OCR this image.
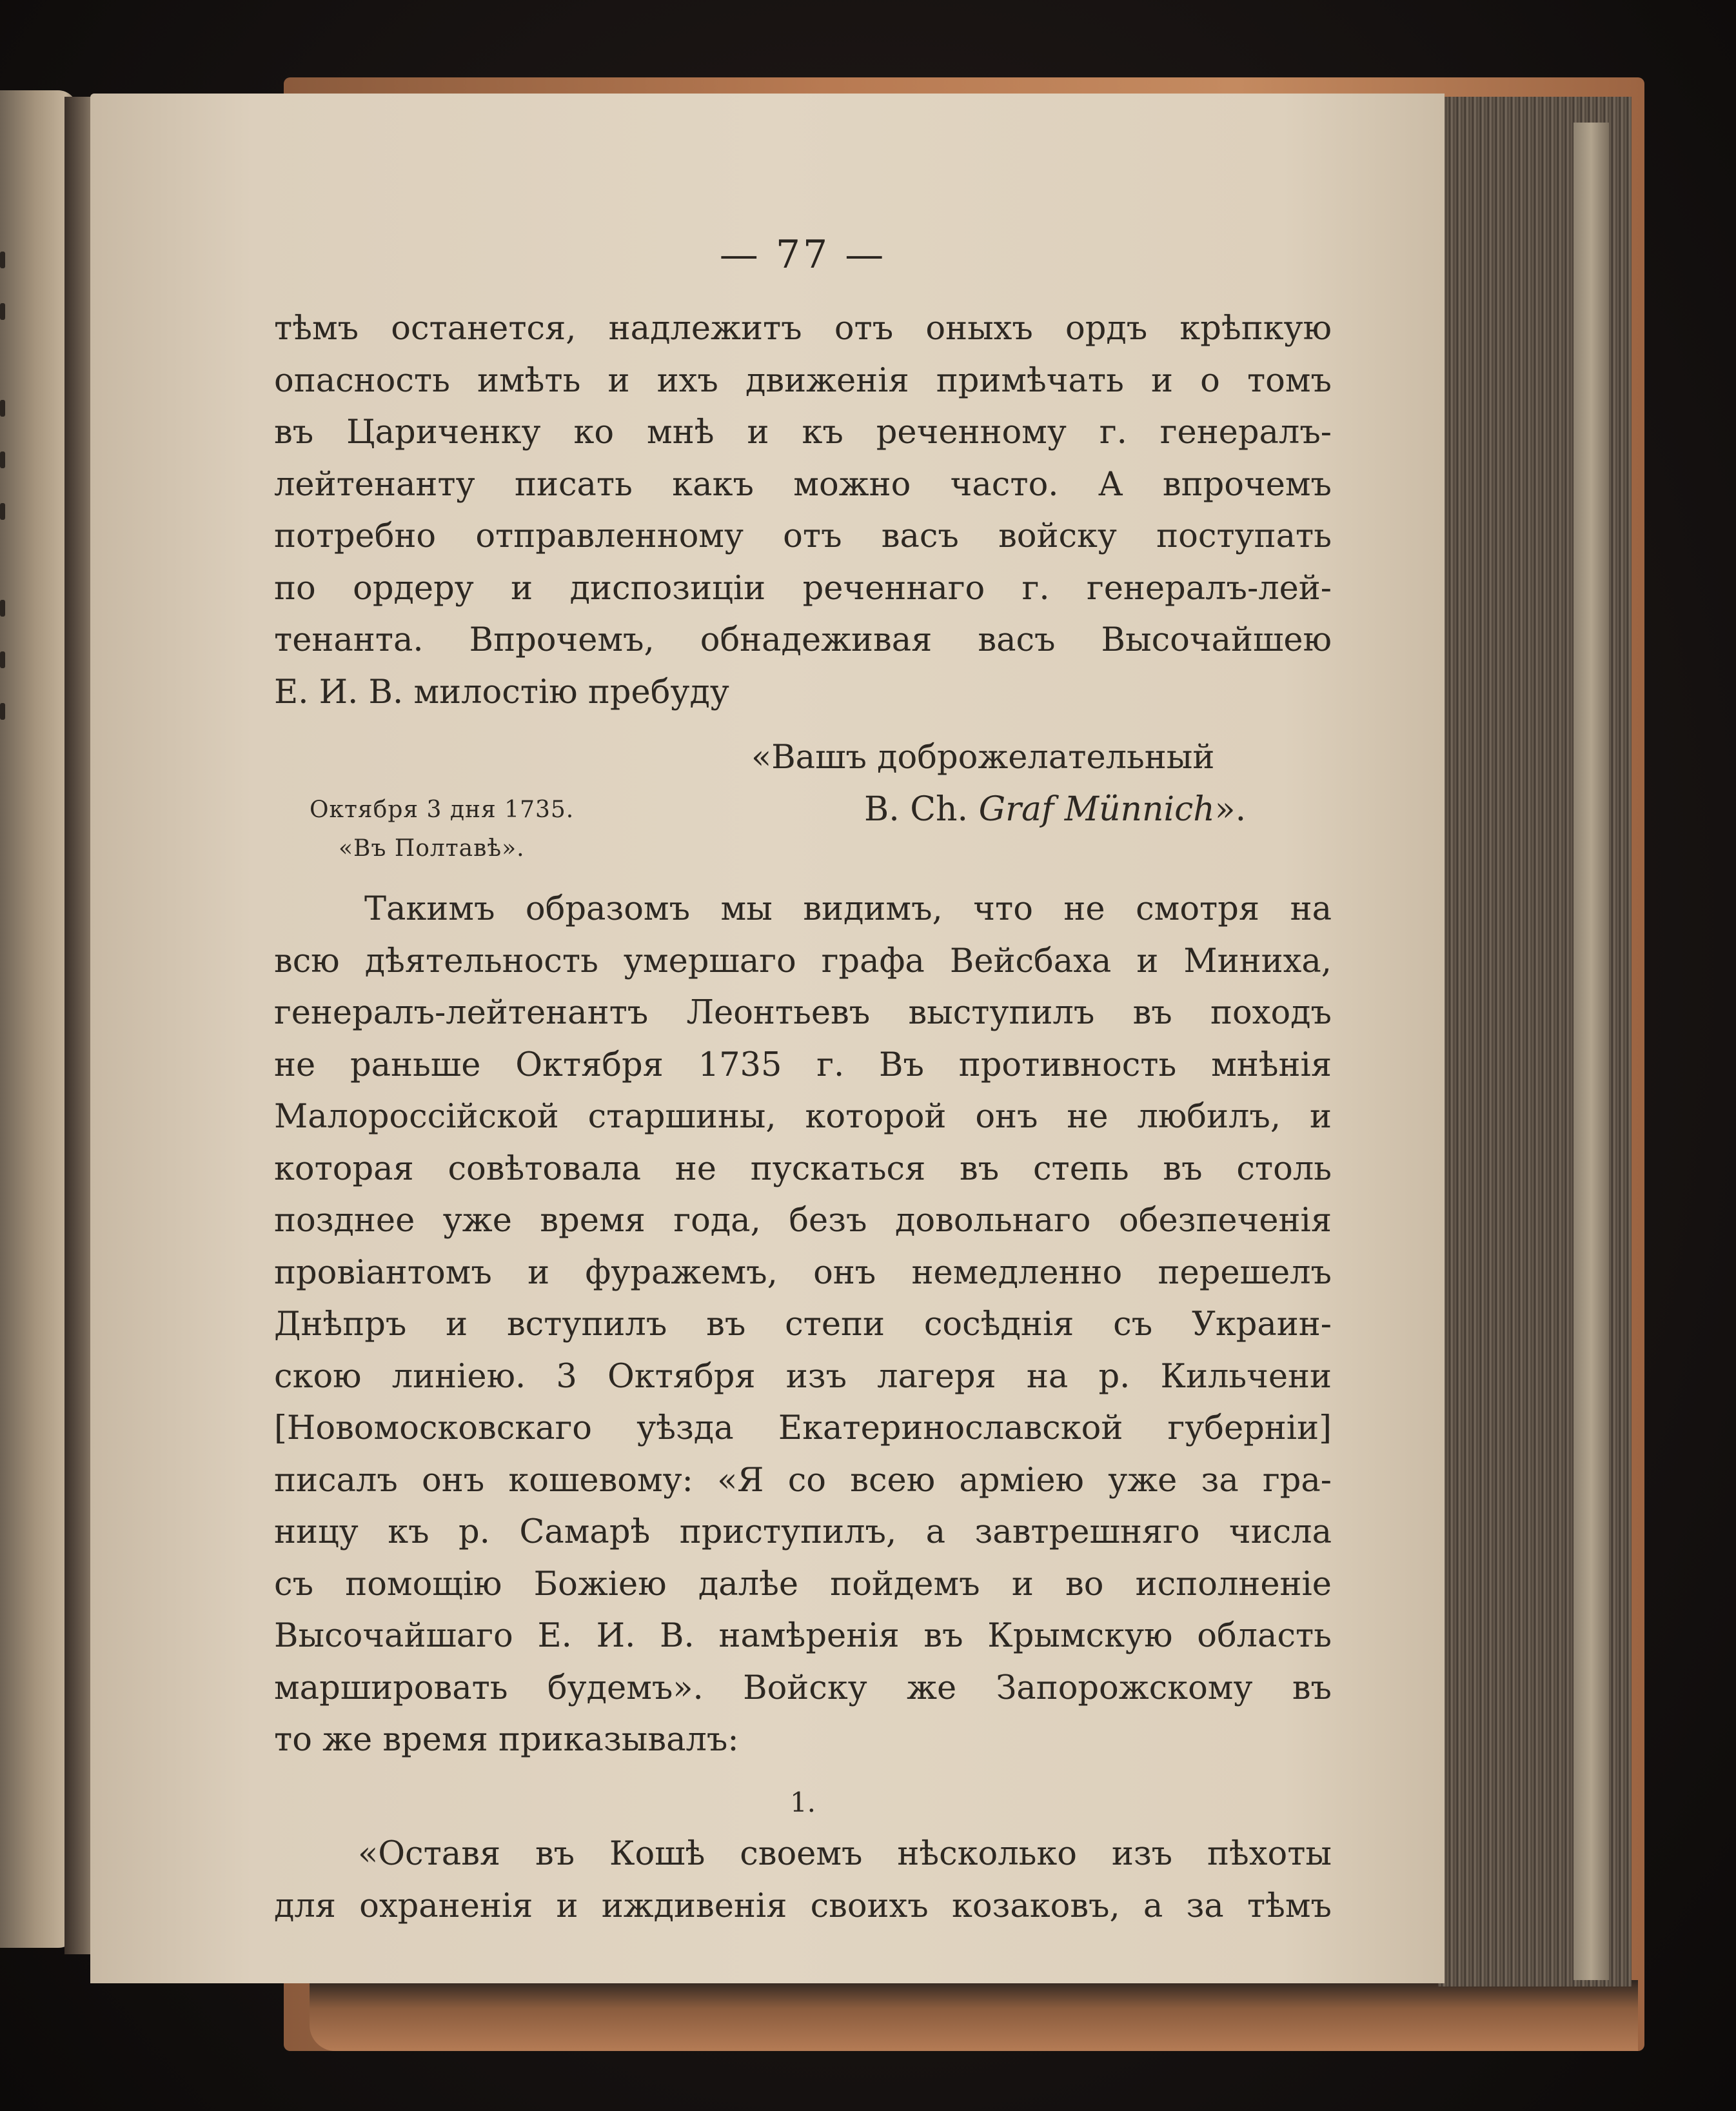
— 77 —
тѣмъ останется, надлежитъ отъ оныхъ ордъ крѣпкую
опасность имѣть и ихъ движенія примѣчать и о томъ
въ Цариченку ко мнѣ и къ реченному г. генералъ-
лейтенанту писать какъ можно часто. А впрочемъ
потребно отправленному отъ васъ войску поступать
по ордеру и диспозиціи реченнаго г. генералъ-лей-
тенанта. Впрочемъ, обнадеживая васъ Высочайшею
Е. И. В. милостію пребуду
«Вашъ доброжелательный
Октября 3 дня 1735.	В. Ch. Graf Münnich».
«Въ Полтавѣ».
Такимъ образомъ мы видимъ, что не смотря на
всю дѣятельность умершаго графа Вейсбаха и Миниха,
генералъ-лейтенантъ Леонтьевъ выступилъ въ походъ
не раньше Октября 1735 г. Въ противность мнѣнія
Малороссійской старшины, которой онъ не любилъ, и
которая совѣтовала не пускаться въ степь въ столь
позднее уже время года, безъ довольнаго обезпеченія
провіантомъ и фуражемъ, онъ немедленно перешелъ
Днѣпръ и вступилъ въ степи сосѣднія съ Украин-
скою линіею. 3 Октября изъ лагеря на р. Кильчени
[Новомосковскаго уѣзда Екатеринославской губерніи]
писалъ онъ кошевому: «Я со всею арміею уже за гра-
ницу къ р. Самарѣ приступилъ, а завтрешняго числа
съ помощію Божіею далѣе пойдемъ и во исполненіе
Высочайшаго Е. И. В. намѣренія въ Крымскую область
маршировать будемъ». Войску же Запорожскому въ
то же время приказывалъ:
1.
«Оставя въ Кошѣ своемъ нѣсколько изъ пѣхоты
для охраненія и иждивенія своихъ козаковъ, а за тѣмъ
